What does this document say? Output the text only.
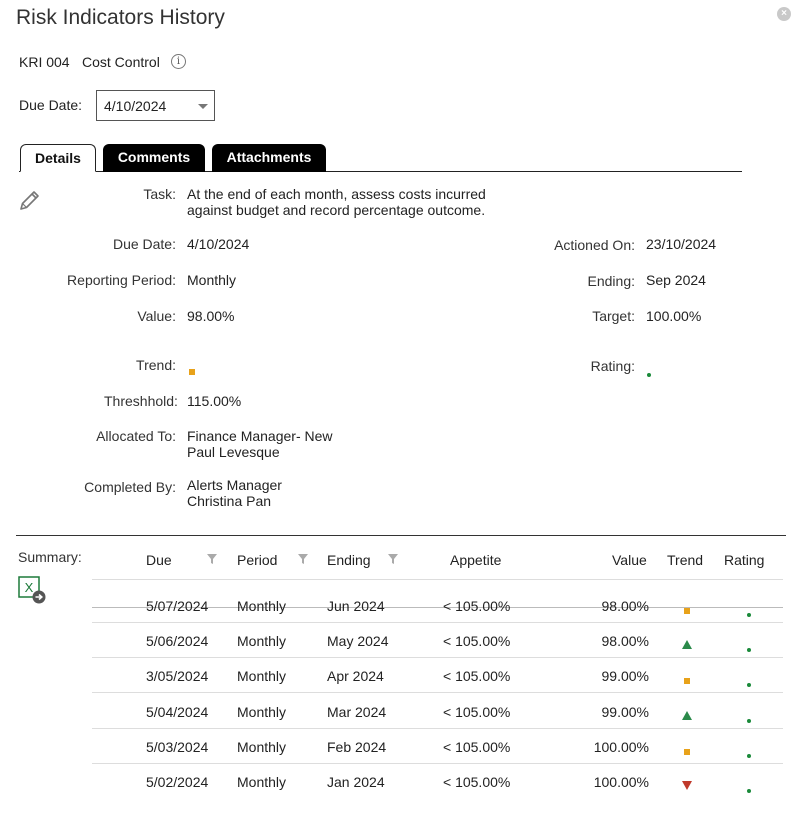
Risk Indicators History	×
KRI 004 Cost Control	i
Due Date:	4/10/2024
Details	Comments	Attachments
Task: At the end of each month, assess costs incurred
against budget and record percentage outcome.
Due Date: 4/10/2024
Reporting Period: Monthly
Value: 98.00%
Trend:
Threshhold: 115.00%
Allocated To: Finance Manager- New
Paul Levesque
Completed By: Alerts Manager
Christina Pan
Actioned On: 23/10/2024
Ending: Sep 2024
Target: 100.00%
Rating:
Summary:
X
Due	Period	Ending	Appetite	Value Trend Rating
5/07/2024 Monthly	Jun 2024	< 105.00%	98.00%
5/06/2024 Monthly	May 2024	< 105.00%	98.00%
3/05/2024 Monthly	Apr 2024	< 105.00%	99.00%
5/04/2024 Monthly	Mar 2024	< 105.00%	99.00%
5/03/2024 Monthly	Feb 2024	< 105.00%	100.00%
5/02/2024 Monthly	Jan 2024	< 105.00%	100.00%
